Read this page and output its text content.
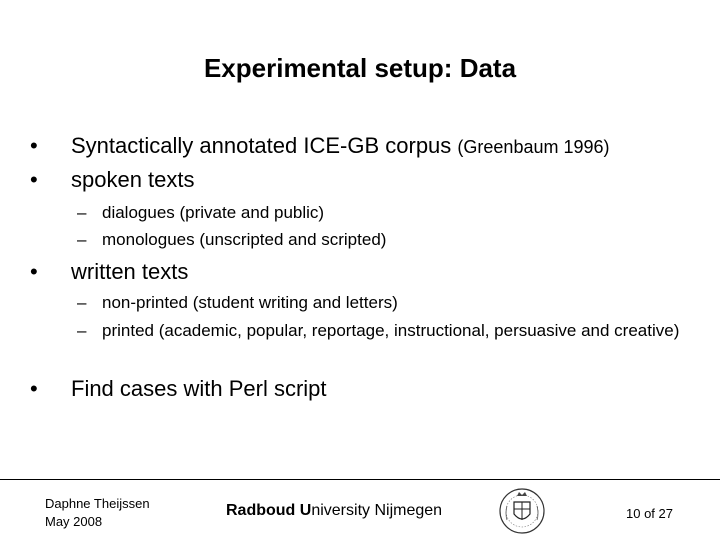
Experimental setup: Data
• Syntactically annotated ICE-GB corpus (Greenbaum 1996)
• spoken texts
– dialogues (private and public)
– monologues (unscripted and scripted)
• written texts
– non-printed (student writing and letters)
– printed (academic, popular, reportage, instructional, persuasive and creative)
• Find cases with Perl script
Daphne Theijssen
May 2008
Radboud University Nijmegen	10 of 27
